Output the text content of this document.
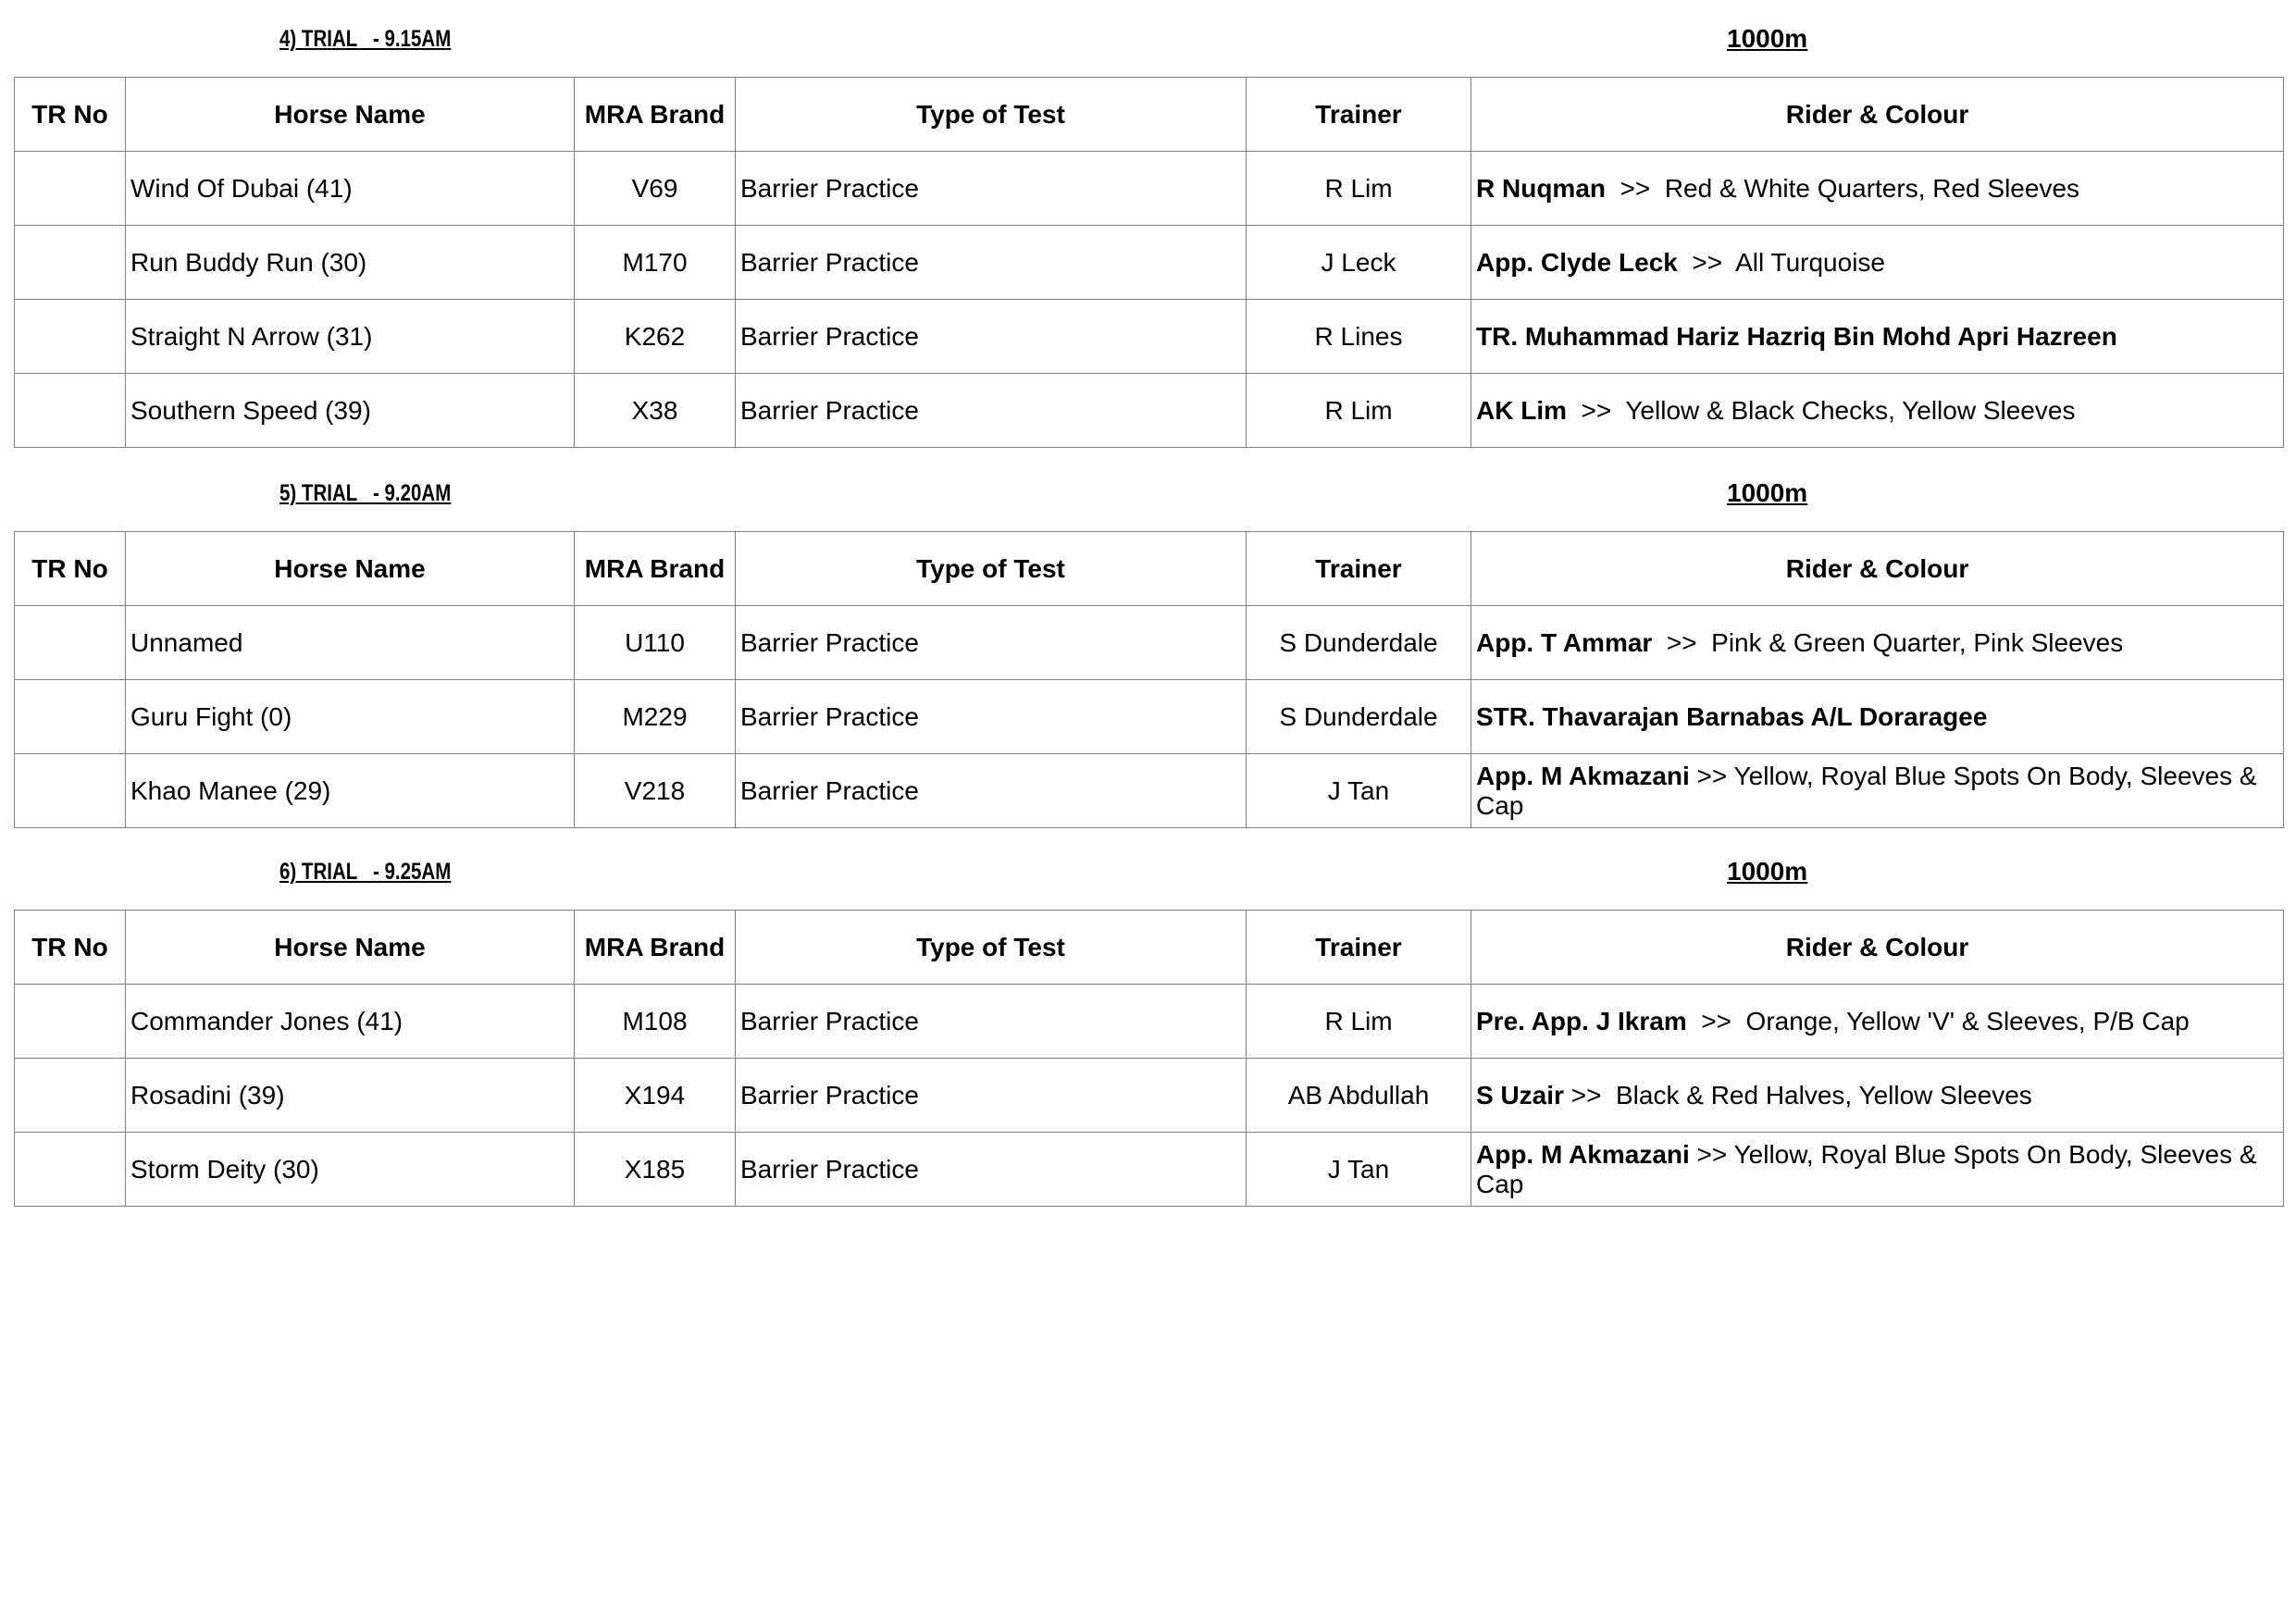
4) TRIAL   - 9.15AM	1000m
TR No	Horse Name	MRA Brand	Type of Test	Trainer	Rider & Colour
	Wind Of Dubai (41)	V69	Barrier Practice	R Lim	R Nuqman  >>  Red & White Quarters, Red Sleeves
	Run Buddy Run (30)	M170	Barrier Practice	J Leck	App. Clyde Leck  >>  All Turquoise
	Straight N Arrow (31)	K262	Barrier Practice	R Lines	TR. Muhammad Hariz Hazriq Bin Mohd Apri Hazreen
	Southern Speed (39)	X38	Barrier Practice	R Lim	AK Lim  >>  Yellow & Black Checks, Yellow Sleeves
5) TRIAL   - 9.20AM	1000m
TR No	Horse Name	MRA Brand	Type of Test	Trainer	Rider & Colour
	Unnamed	U110	Barrier Practice	S Dunderdale	App. T Ammar  >>  Pink & Green Quarter, Pink Sleeves
	Guru Fight (0)	M229	Barrier Practice	S Dunderdale	STR. Thavarajan Barnabas A/L Doraragee
	Khao Manee (29)	V218	Barrier Practice	J Tan	App. M Akmazani >> Yellow, Royal Blue Spots On Body, Sleeves & Cap
6) TRIAL   - 9.25AM	1000m
TR No	Horse Name	MRA Brand	Type of Test	Trainer	Rider & Colour
	Commander Jones (41)	M108	Barrier Practice	R Lim	Pre. App. J Ikram  >>  Orange, Yellow 'V' & Sleeves, P/B Cap
	Rosadini (39)	X194	Barrier Practice	AB Abdullah	S Uzair >>  Black & Red Halves, Yellow Sleeves
	Storm Deity (30)	X185	Barrier Practice	J Tan	App. M Akmazani >> Yellow, Royal Blue Spots On Body, Sleeves & Cap
